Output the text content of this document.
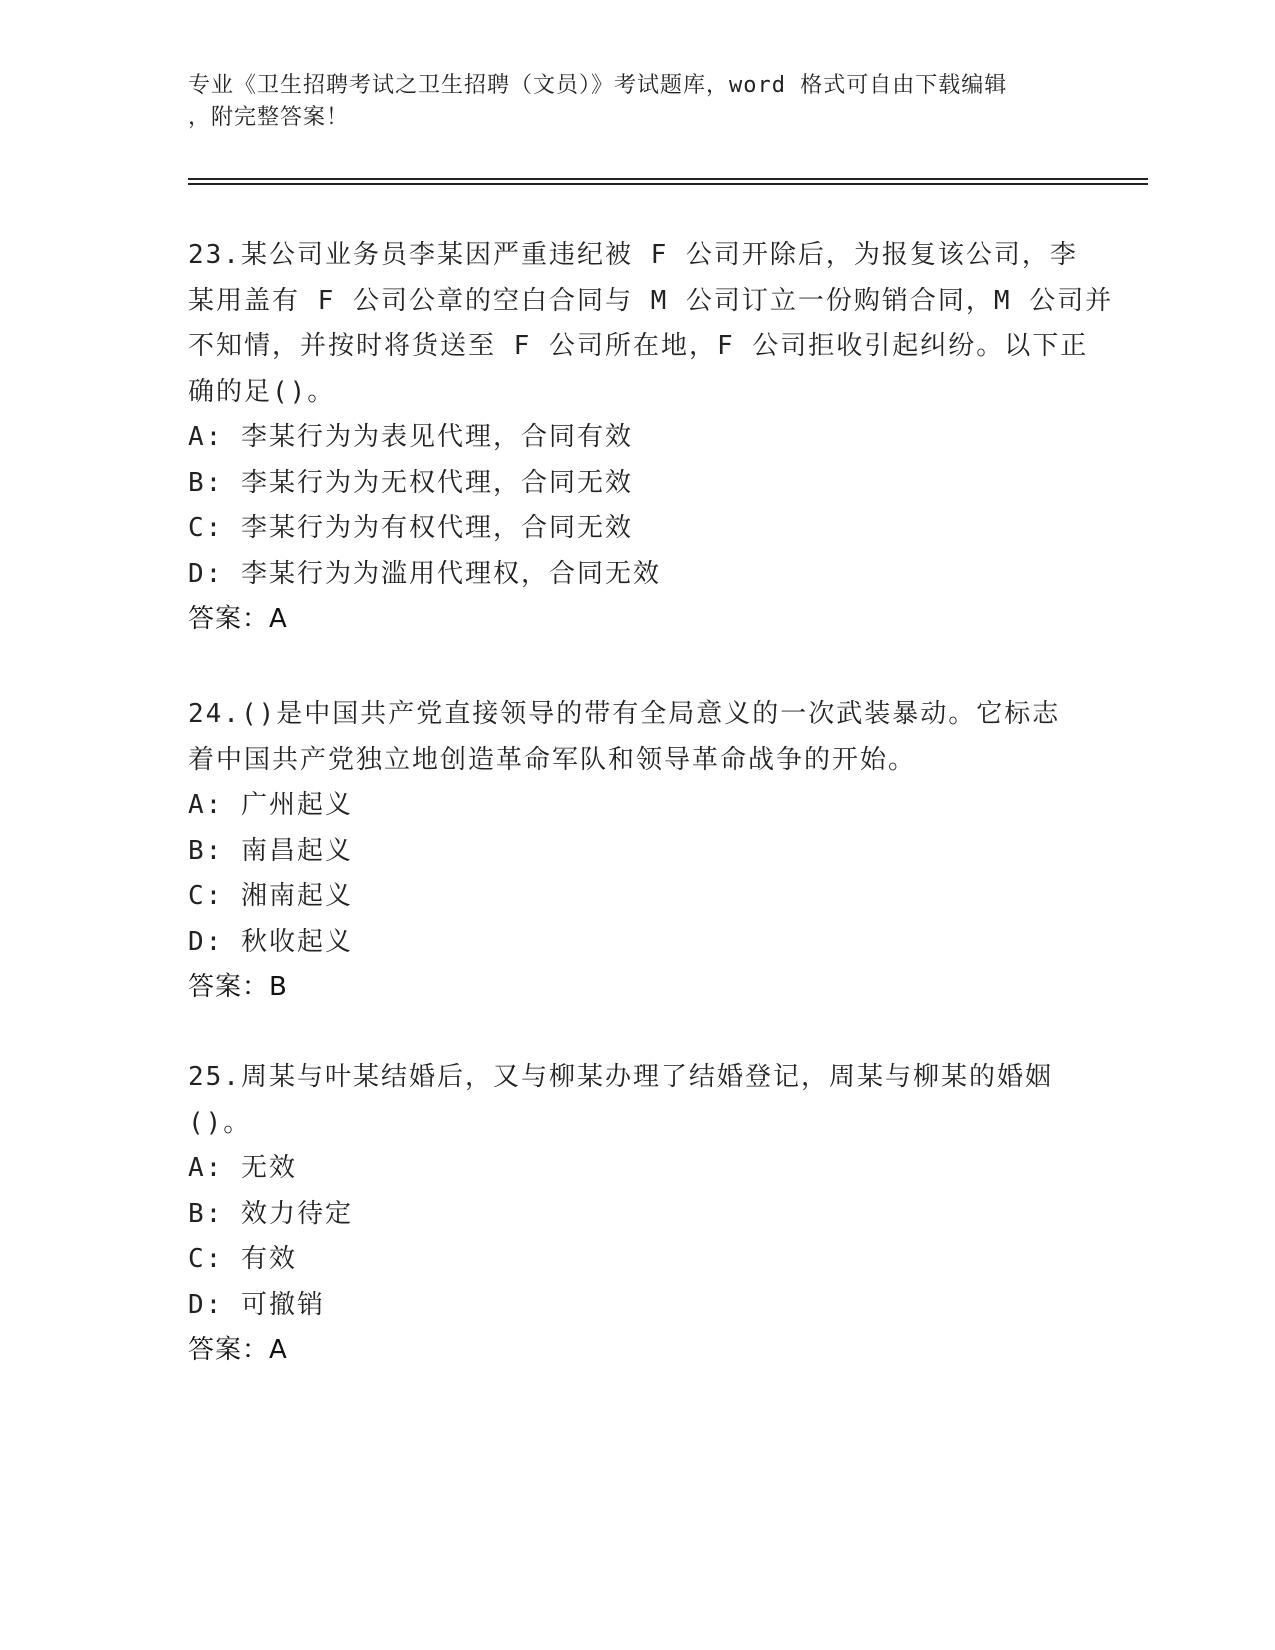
专业《卫生招聘考试之卫生招聘（文员）》考试题库，word 格式可自由下载编辑
，附完整答案！
23.某公司业务员李某因严重违纪被 F 公司开除后，为报复该公司，李
某用盖有 F 公司公章的空白合同与 M 公司订立一份购销合同，M 公司并
不知情，并按时将货送至 F 公司所在地，F 公司拒收引起纠纷。以下正
确的足()。
A: 李某行为为表见代理，合同有效
B: 李某行为为无权代理，合同无效
C: 李某行为为有权代理，合同无效
D: 李某行为为滥用代理权，合同无效
答案：A
24.()是中国共产党直接领导的带有全局意义的一次武装暴动。它标志
着中国共产党独立地创造革命军队和领导革命战争的开始。
A: 广州起义
B: 南昌起义
C: 湘南起义
D: 秋收起义
答案：B
25.周某与叶某结婚后，又与柳某办理了结婚登记，周某与柳某的婚姻
()。
A: 无效
B: 效力待定
C: 有效
D: 可撤销
答案：A
